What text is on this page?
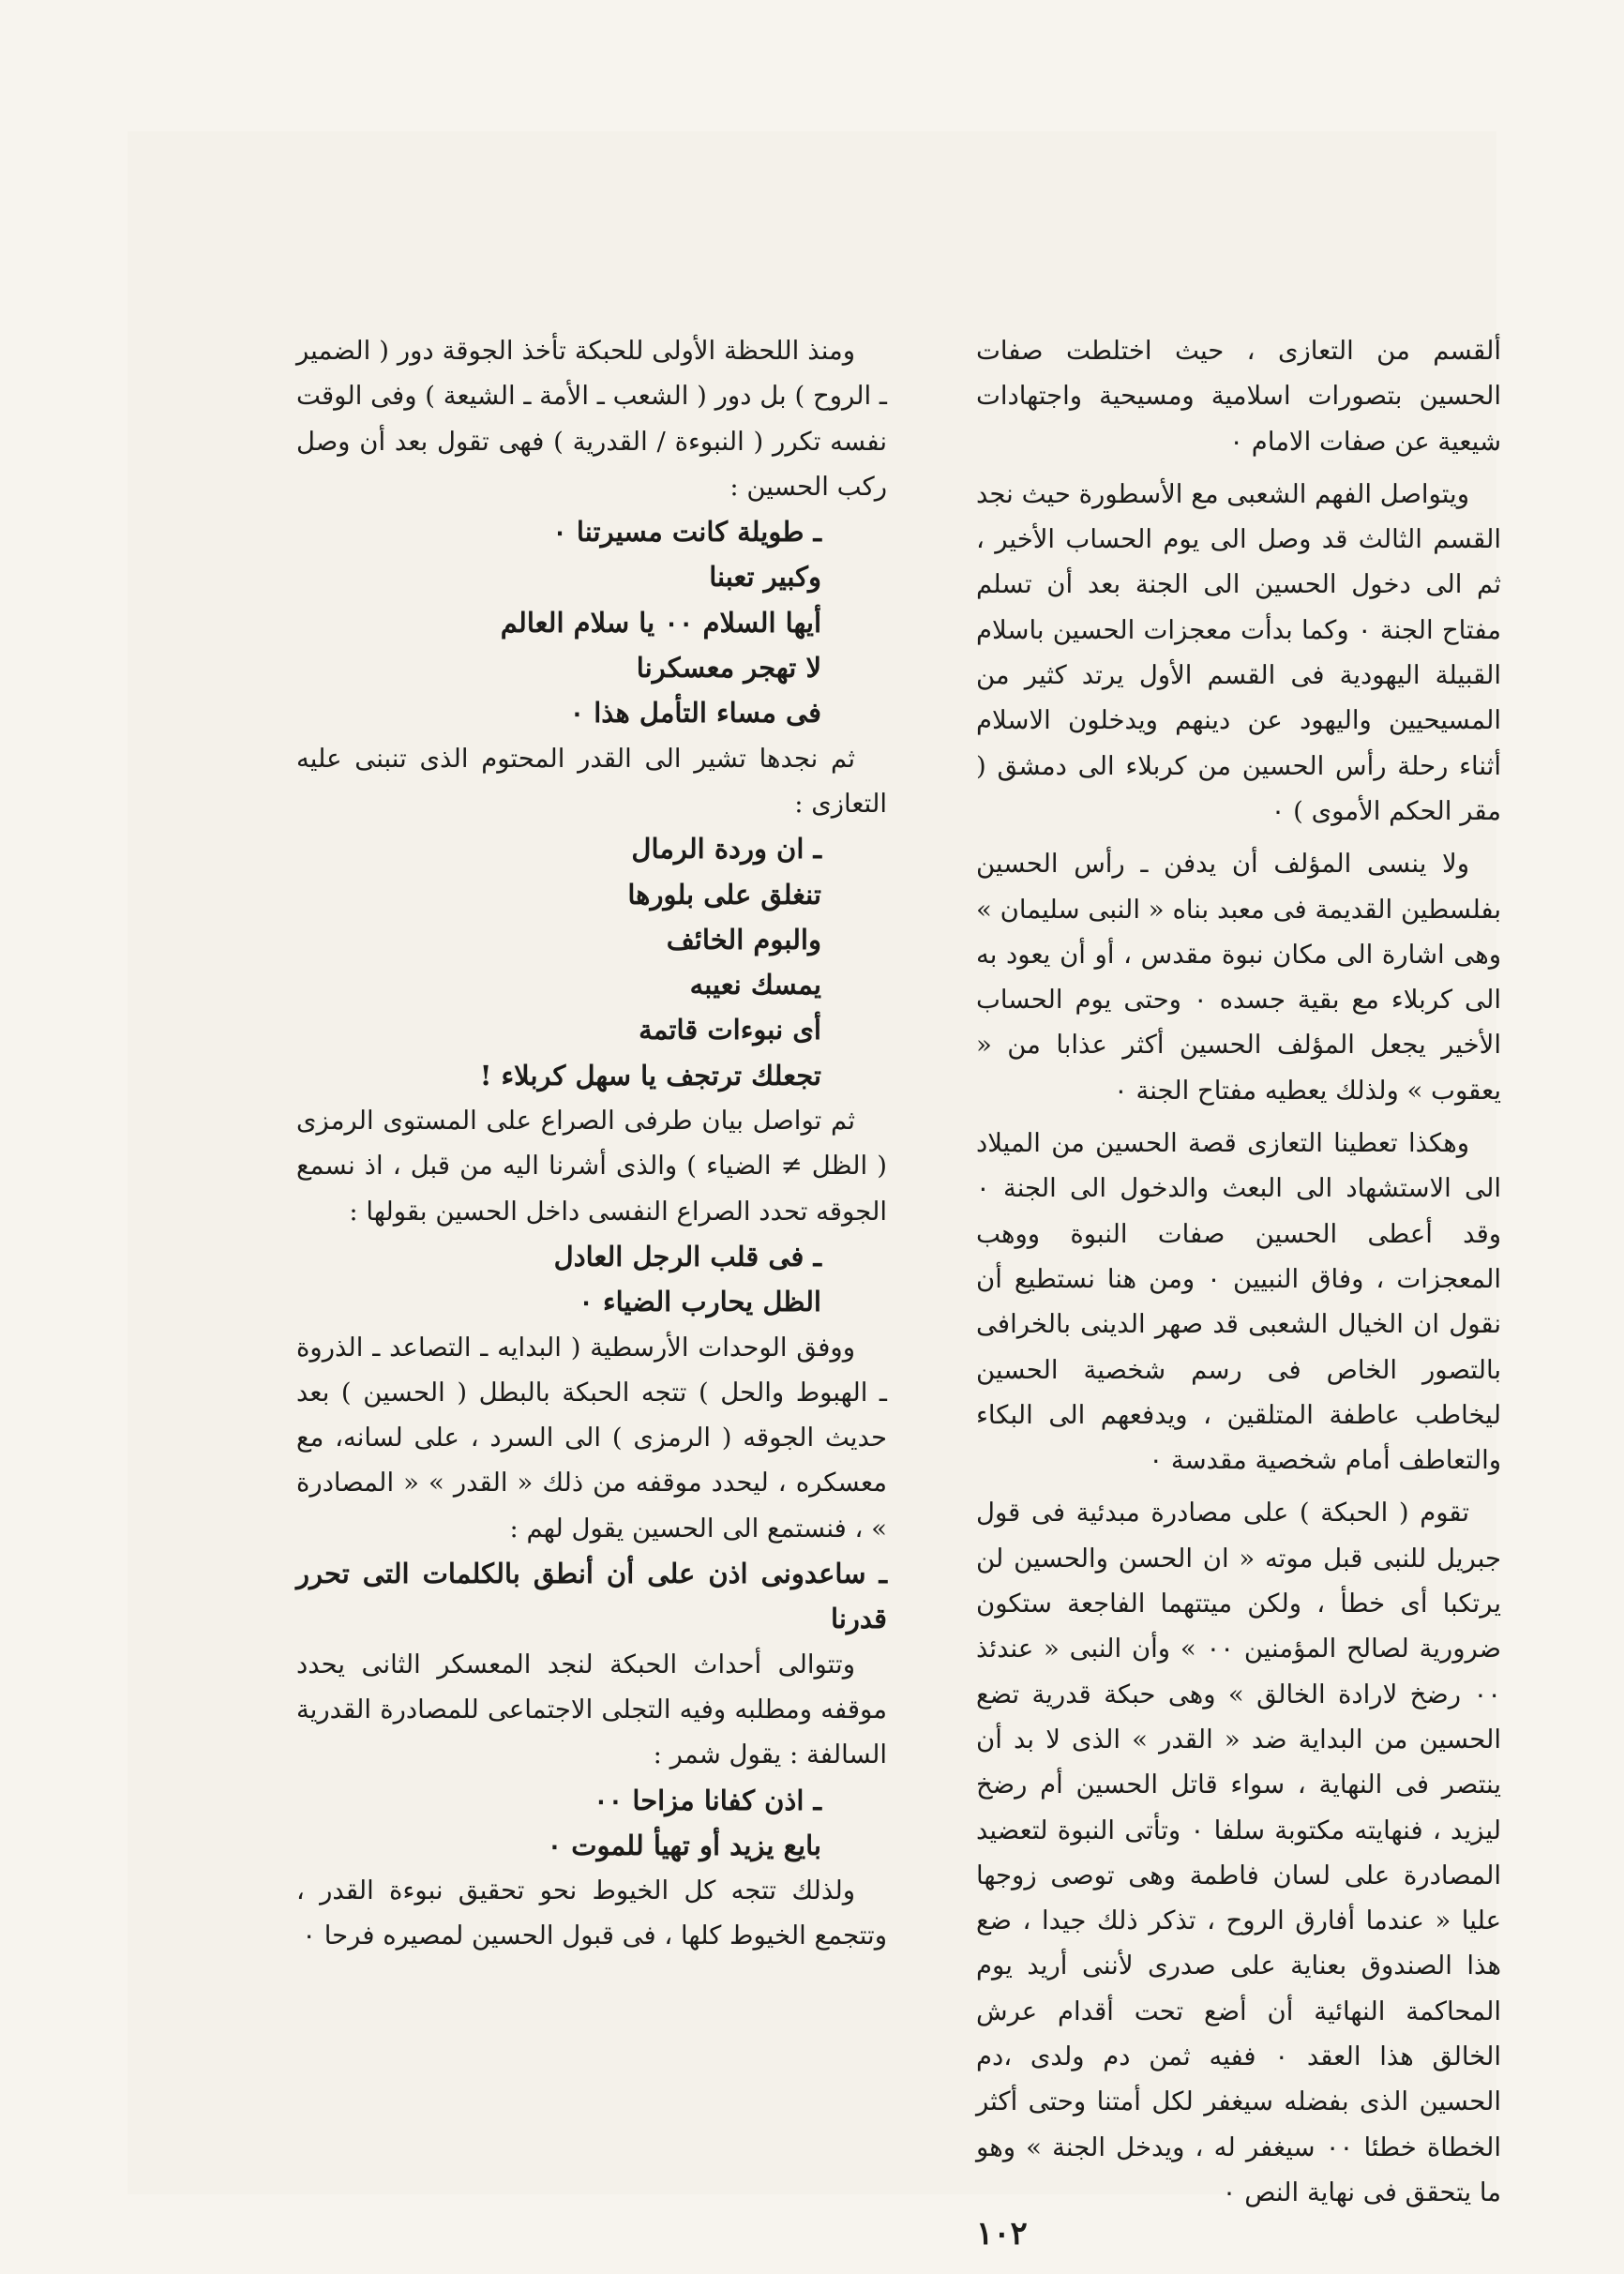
ألقسم من التعازى ، حيث اختلطت صفات الحسين بتصورات اسلامية ومسيحية واجتهادات شيعية عن صفات الامام ٠

ويتواصل الفهم الشعبى مع الأسطورة حيث نجد القسم الثالث قد وصل الى يوم الحساب الأخير ، ثم الى دخول الحسين الى الجنة بعد أن تسلم مفتاح الجنة ٠ وكما بدأت معجزات الحسين باسلام القبيلة اليهودية فى القسم الأول يرتد كثير من المسيحيين واليهود عن دينهم ويدخلون الاسلام أثناء رحلة رأس الحسين من كربلاء الى دمشق ( مقر الحكم الأموى ) ٠

ولا ينسى المؤلف أن يدفن ـ رأس الحسين بفلسطين القديمة فى معبد بناه « النبى سليمان » وهى اشارة الى مكان نبوة مقدس ، أو أن يعود به الى كربلاء مع بقية جسده ٠ وحتى يوم الحساب الأخير يجعل المؤلف الحسين أكثر عذابا من « يعقوب » ولذلك يعطيه مفتاح الجنة ٠

وهكذا تعطينا التعازى قصة الحسين من الميلاد الى الاستشهاد الى البعث والدخول الى الجنة ٠ وقد أعطى الحسين صفات النبوة ووهب المعجزات ، وفاق النبيين ٠ ومن هنا نستطيع أن نقول ان الخيال الشعبى قد صهر الدينى بالخرافى بالتصور الخاص فى رسم شخصية الحسين ليخاطب عاطفة المتلقين ، ويدفعهم الى البكاء والتعاطف أمام شخصية مقدسة ٠

تقوم ( الحبكة ) على مصادرة مبدئية فى قول جبريل للنبى قبل موته « ان الحسن والحسين لن يرتكبا أى خطأ ، ولكن ميتتهما الفاجعة ستكون ضرورية لصالح المؤمنين ٠٠ » وأن النبى « عندئذ ٠٠ رضخ لارادة الخالق » وهى حبكة قدرية تضع الحسين من البداية ضد « القدر » الذى لا بد أن ينتصر فى النهاية ، سواء قاتل الحسين أم رضخ ليزيد ، فنهايته مكتوبة سلفا ٠ وتأتى النبوة لتعضيد المصادرة على لسان فاطمة وهى توصى زوجها عليا « عندما أفارق الروح ، تذكر ذلك جيدا ، ضع هذا الصندوق بعناية على صدرى لأننى أريد يوم المحاكمة النهائية أن أضع تحت أقدام عرش الخالق هذا العقد ٠ ففيه ثمن دم ولدى ،دم الحسين الذى بفضله سيغفر لكل أمتنا وحتى أكثر الخطاة خطئا ٠٠ سيغفر له ، ويدخل الجنة » وهو ما يتحقق فى نهاية النص ٠

ومنذ اللحظة الأولى للحبكة تأخذ الجوقة دور ( الضمير ـ الروح ) بل دور ( الشعب ـ الأمة ـ الشيعة ) وفى الوقت نفسه تكرر ( النبوءة / القدرية ) فهى تقول بعد أن وصل ركب الحسين :

ـ طويلة كانت مسيرتنا ٠

وكبير تعبنا

أيها السلام ٠٠ يا سلام العالم

لا تهجر معسكرنا

فى مساء التأمل هذا ٠

ثم نجدها تشير الى القدر المحتوم الذى تنبنى عليه التعازى :

ـ ان وردة الرمال

تنغلق على بلورها

والبوم الخائف

يمسك نعيبه

أى نبوءات قاتمة

تجعلك ترتجف يا سهل كربلاء !

ثم تواصل بيان طرفى الصراع على المستوى الرمزى ( الظل ≠ الضياء ) والذى أشرنا اليه من قبل ، اذ نسمع الجوقه تحدد الصراع النفسى داخل الحسين بقولها :

ـ فى قلب الرجل العادل

الظل يحارب الضياء ٠

ووفق الوحدات الأرسطية ( البدايه ـ التصاعد ـ الذروة ـ الهبوط والحل ) تتجه الحبكة بالبطل ( الحسين ) بعد حديث الجوقه ( الرمزى ) الى السرد ، على لسانه، مع معسكره ، ليحدد موقفه من ذلك « القدر » « المصادرة » ، فنستمع الى الحسين يقول لهم :

ـ ساعدونى اذن على أن أنطق بالكلمات التى تحرر قدرنا

وتتوالى أحداث الحبكة لنجد المعسكر الثانى يحدد موقفه ومطلبه وفيه التجلى الاجتماعى للمصادرة القدرية السالفة : يقول شمر :

ـ اذن كفانا مزاحا ٠٠

بايع يزيد أو تهيأ للموت ٠

ولذلك تتجه كل الخيوط نحو تحقيق نبوءة القدر ، وتتجمع الخيوط كلها ، فى قبول الحسين لمصيره فرحا ٠

١٠٢
